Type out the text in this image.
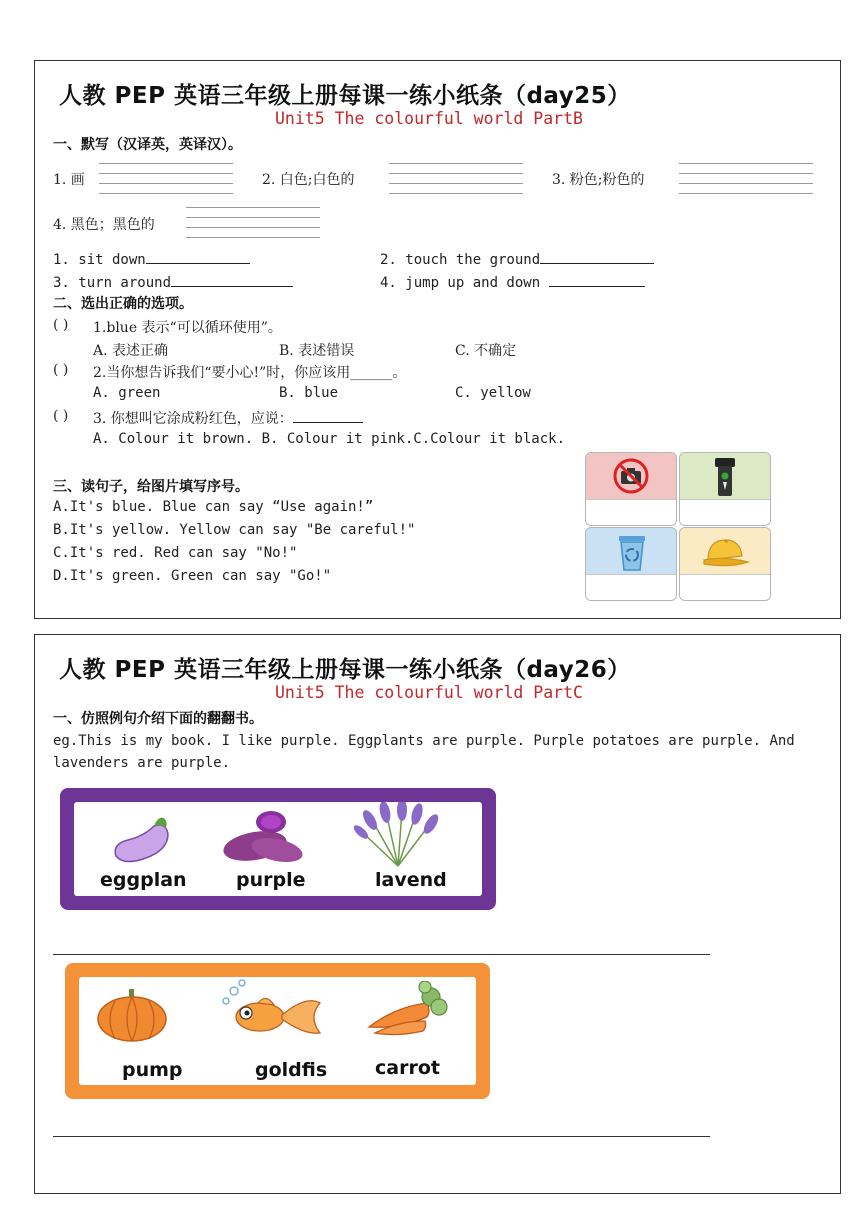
人教 PEP 英语三年级上册每课一练小纸条（day25）
Unit5 The colourful world PartB
一、默写（汉译英，英译汉）。
1. 画	2. 白色;白色的	3. 粉色;粉色的
4. 黑色；黑色的
1. sit down	2. touch the ground
3. turn around	4. jump up and down
二、选出正确的选项。
( ) 1.blue 表示“可以循环使用”。
A. 表述正确	B. 表述错误	C. 不确定
( ) 2.当你想告诉我们“要小心!”时，你应该用______。
A. green	B. blue	C. yellow
( ) 3. 你想叫它涂成粉红色，应说：
A. Colour it brown. B. Colour it pink.C.Colour it black.
三、读句子，给图片填写序号。
A.It's blue. Blue can say “Use again!”
B.It's yellow. Yellow can say "Be careful!"
C.It's red. Red can say "No!"
D.It's green. Green can say "Go!"
人教 PEP 英语三年级上册每课一练小纸条（day26）
Unit5 The colourful world PartC
一、仿照例句介绍下面的翻翻书。
eg.This is my book. I like purple. Eggplants are purple. Purple potatoes are purple. And
lavenders are purple.
eggplan	purple	lavend
pump	goldfis	carrot
